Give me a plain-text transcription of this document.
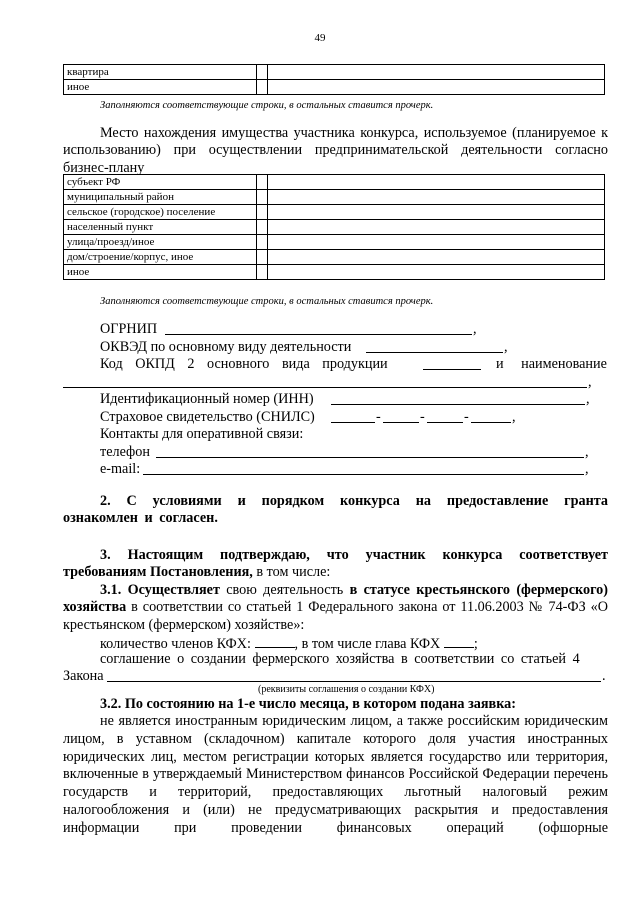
49
квартира		
иное		
Заполняются соответствующие строки, в остальных ставится прочерк.
Место нахождения имущества участника конкурса, используемое (планируемое к использованию) при осуществлении предпринимательской деятельности согласно бизнес-плану
субъект РФ		
муниципальный район		
сельское (городское) поселение		
населенный пункт		
улица/проезд/иное		
дом/строение/корпус, иное		
иное		
Заполняются соответствующие строки, в остальных ставится прочерк.
ОГРНИП	,
ОКВЭД по основному виду деятельности	,
Код ОКПД 2 основного вида продукции	и наименование
,
Идентификационный номер (ИНН)	,
Страховое свидетельство (СНИЛС)	-	-	-	,
Контакты для оперативной связи:
телефон	,
e-mail:	,
2. С условиями и порядком конкурса на предоставление гранта ознакомлен и согласен.
3. Настоящим подтверждаю, что участник конкурса соответствует требованиям Постановления, в том числе:
3.1. Осуществляет свою деятельность в статусе крестьянского (фермерского) хозяйства в соответствии со статьей 1 Федерального закона от 11.06.2003 № 74-ФЗ «О крестьянском (фермерском) хозяйстве»:
количество членов КФХ:	, в том числе глава КФХ ;
соглашение о создании фермерского хозяйства в соответствии со статьей 4
Закона	.
(реквизиты соглашения о создании КФХ)
3.2. По состоянию на 1-е число месяца, в котором подана заявка:
не является иностранным юридическим лицом, а также российским юридическим лицом, в уставном (складочном) капитале которого доля участия иностранных юридических лиц, местом регистрации которых является государство или территория, включенные в утверждаемый Министерством финансов Российской Федерации перечень государств и территорий, предоставляющих льготный налоговый режим налогообложения и (или) не предусматривающих раскрытия и предоставления информации при проведении финансовых операций (офшорные
